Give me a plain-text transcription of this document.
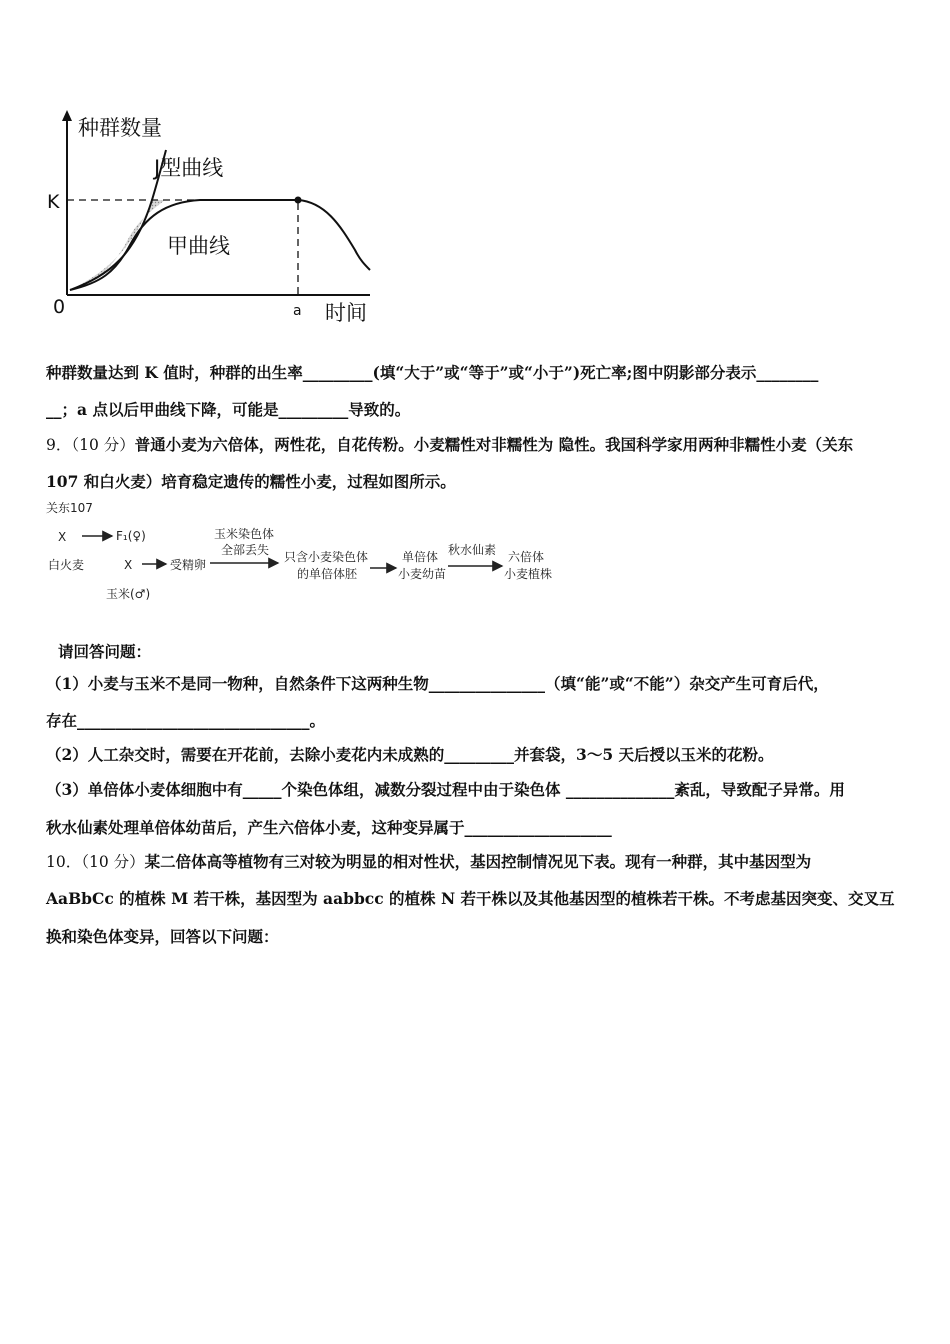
种群数量
J型曲线
K
甲曲线
0	a 时间
种群数量达到 K 值时，种群的出生率_________(填“大于”或“等于”或“小于”)死亡率;图中阴影部分表示________
__；a 点以后甲曲线下降，可能是_________导致的。
9．（10 分）普通小麦为六倍体，两性花，自花传粉。小麦糯性对非糯性为 隐性。我国科学家用两种非糯性小麦（关东
107 和白火麦）培育稳定遗传的糯性小麦，过程如图所示。
关东107
X	F₁(♀)
白火麦	X	受精卵
玉米(♂)
玉米染色体
全部丢失 只含小麦染色体
的单倍体胚
单倍体
小麦幼苗
秋水仙素 六倍体
小麦植株
请回答问题：
（1）小麦与玉米不是同一物种，自然条件下这两种生物_______________（填“能”或“不能”）杂交产生可育后代，
存在______________________________。
（2）人工杂交时，需要在开花前，去除小麦花内未成熟的_________并套袋，3～5 天后授以玉米的花粉。
（3）单倍体小麦体细胞中有_____个染色体组，减数分裂过程中由于染色体 ______________紊乱，导致配子异常。用
秋水仙素处理单倍体幼苗后，产生六倍体小麦，这种变异属于___________________
10．（10 分）某二倍体高等植物有三对较为明显的相对性状，基因控制情况见下表。现有一种群，其中基因型为
AaBbCc 的植株 M 若干株，基因型为 aabbcc 的植株 N 若干株以及其他基因型的植株若干株。不考虑基因突变、交叉互
换和染色体变异，回答以下问题：
